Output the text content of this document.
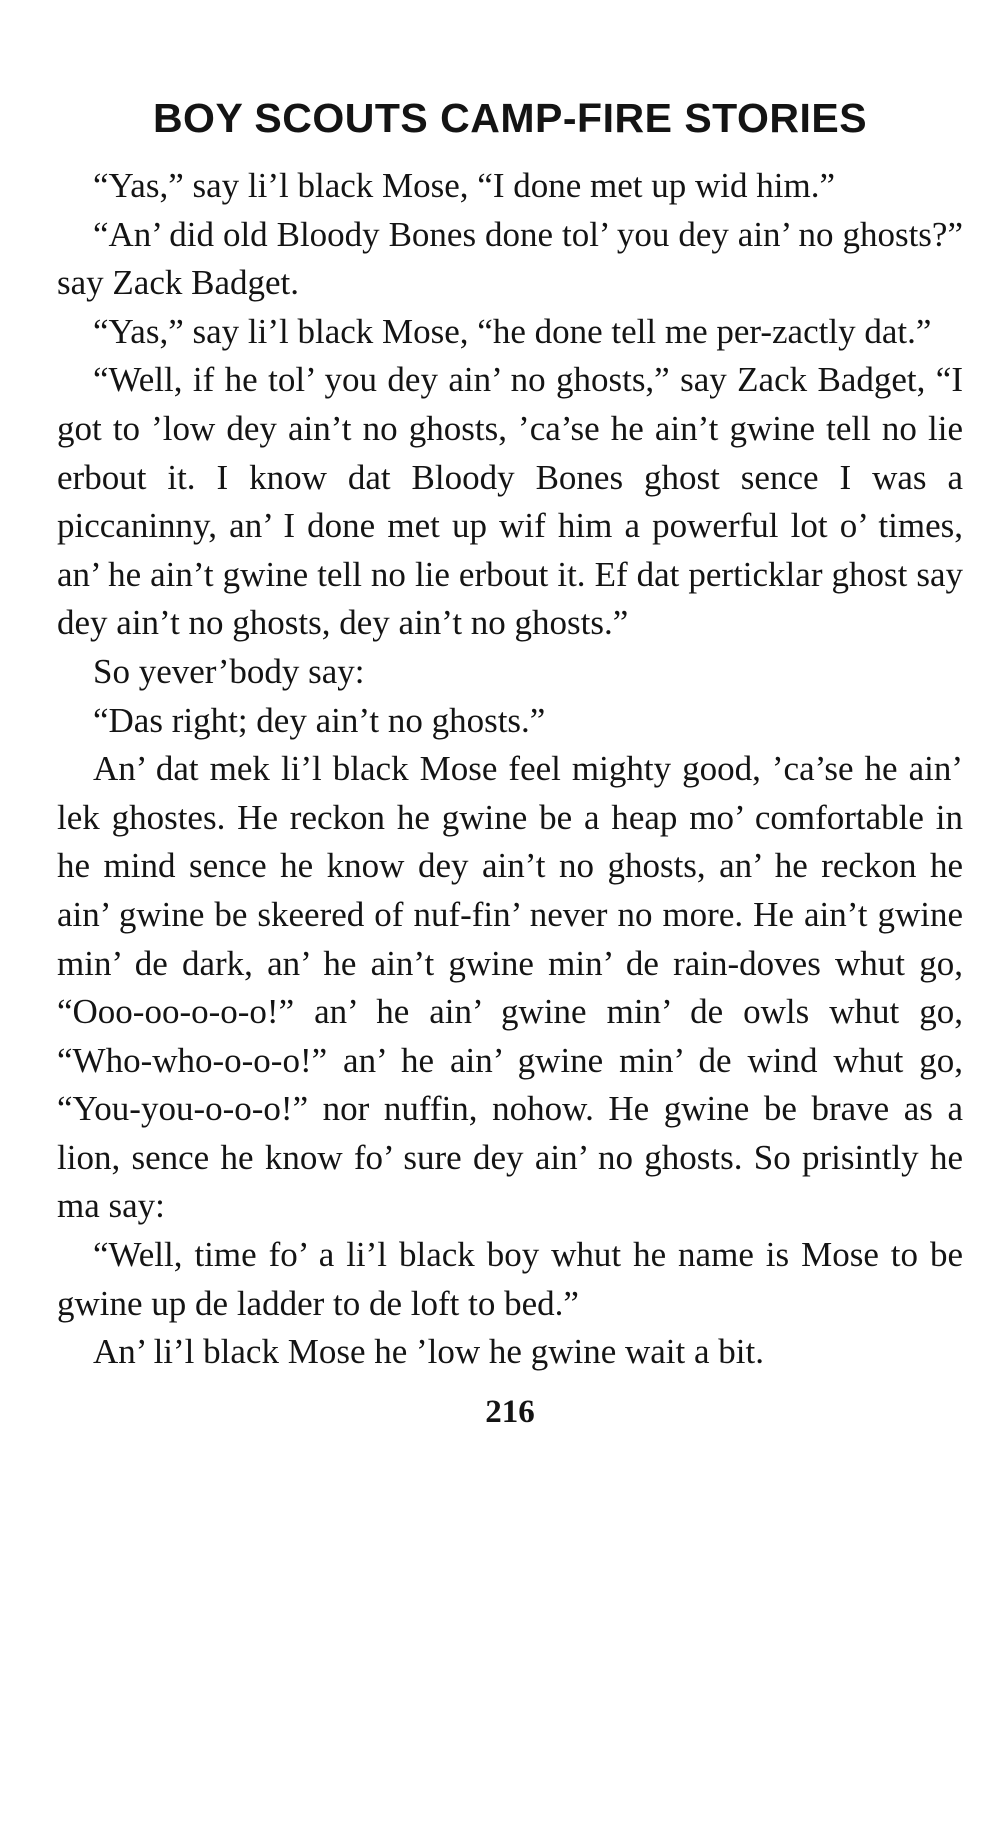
BOY SCOUTS CAMP-FIRE STORIES

“Yas,” say li’l black Mose, “I done met up wid him.”

“An’ did old Bloody Bones done tol’ you dey ain’ no ghosts?” say Zack Badget.

“Yas,” say li’l black Mose, “he done tell me per-zactly dat.”

“Well, if he tol’ you dey ain’ no ghosts,” say Zack Badget, “I got to ’low dey ain’t no ghosts, ’ca’se he ain’t gwine tell no lie erbout it. I know dat Bloody Bones ghost sence I was a piccaninny, an’ I done met up wif him a powerful lot o’ times, an’ he ain’t gwine tell no lie erbout it. Ef dat perticklar ghost say dey ain’t no ghosts, dey ain’t no ghosts.”

So yever’body say:

“Das right; dey ain’t no ghosts.”

An’ dat mek li’l black Mose feel mighty good, ’ca’se he ain’ lek ghostes. He reckon he gwine be a heap mo’ comfortable in he mind sence he know dey ain’t no ghosts, an’ he reckon he ain’ gwine be skeered of nuf-fin’ never no more. He ain’t gwine min’ de dark, an’ he ain’t gwine min’ de rain-doves whut go, “Ooo-oo-o-o-o!” an’ he ain’ gwine min’ de owls whut go, “Who-who-o-o-o!” an’ he ain’ gwine min’ de wind whut go, “You-you-o-o-o!” nor nuffin, nohow. He gwine be brave as a lion, sence he know fo’ sure dey ain’ no ghosts. So prisintly he ma say:

“Well, time fo’ a li’l black boy whut he name is Mose to be gwine up de ladder to de loft to bed.”

An’ li’l black Mose he ’low he gwine wait a bit.

216
